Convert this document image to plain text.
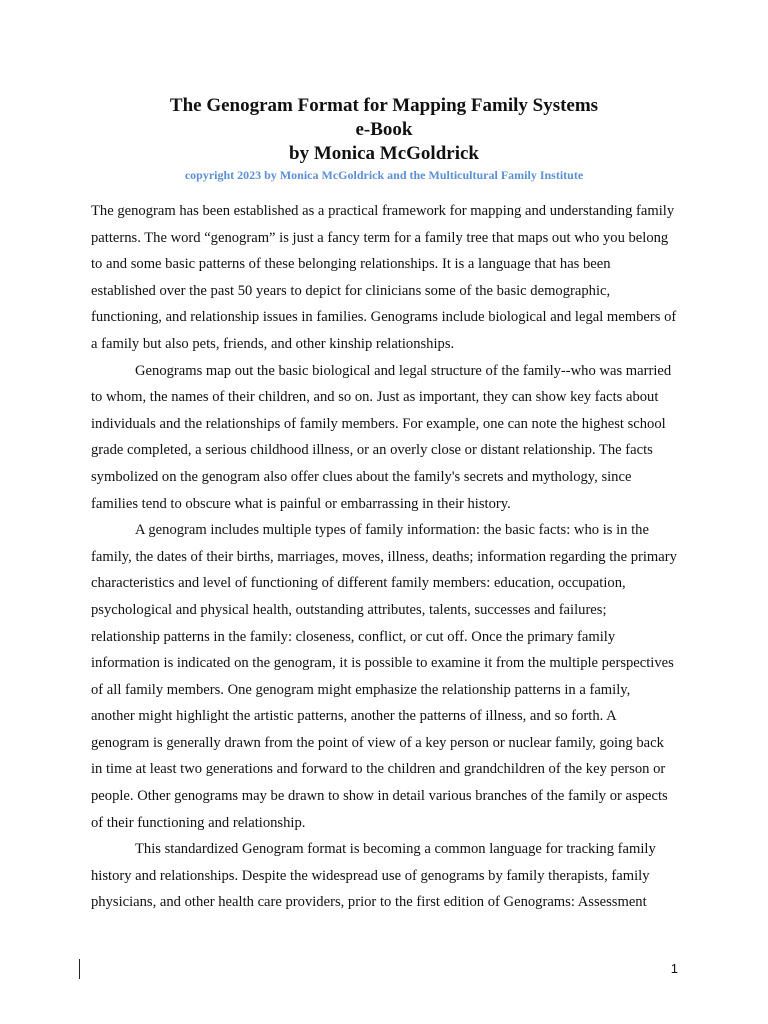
The Genogram Format for Mapping Family Systems

e-Book

by Monica McGoldrick

copyright 2023 by Monica McGoldrick and the Multicultural Family Institute

The genogram has been established as a practical framework for mapping and understanding family patterns. The word “genogram” is just a fancy term for a family tree that maps out who you belong to and some basic patterns of these belonging relationships. It is a language that has been established over the past 50 years to depict for clinicians some of the basic demographic, functioning, and relationship issues in families. Genograms include biological and legal members of a family but also pets, friends, and other kinship relationships.

Genograms map out the basic biological and legal structure of the family--who was married to whom, the names of their children, and so on. Just as important, they can show key facts about individuals and the relationships of family members. For example, one can note the highest school grade completed, a serious childhood illness, or an overly close or distant relationship. The facts symbolized on the genogram also offer clues about the family's secrets and mythology, since families tend to obscure what is painful or embarrassing in their history.

A genogram includes multiple types of family information: the basic facts: who is in the family, the dates of their births, marriages, moves, illness, deaths; information regarding the primary characteristics and level of functioning of different family members: education, occupation, psychological and physical health, outstanding attributes, talents, successes and failures; relationship patterns in the family: closeness, conflict, or cut off. Once the primary family information is indicated on the genogram, it is possible to examine it from the multiple perspectives of all family members. One genogram might emphasize the relationship patterns in a family, another might highlight the artistic patterns, another the patterns of illness, and so forth. A genogram is generally drawn from the point of view of a key person or nuclear family, going back in time at least two generations and forward to the children and grandchildren of the key person or people. Other genograms may be drawn to show in detail various branches of the family or aspects of their functioning and relationship.

This standardized Genogram format is becoming a common language for tracking family history and relationships. Despite the widespread use of genograms by family therapists, family physicians, and other health care providers, prior to the first edition of Genograms: Assessment

1
